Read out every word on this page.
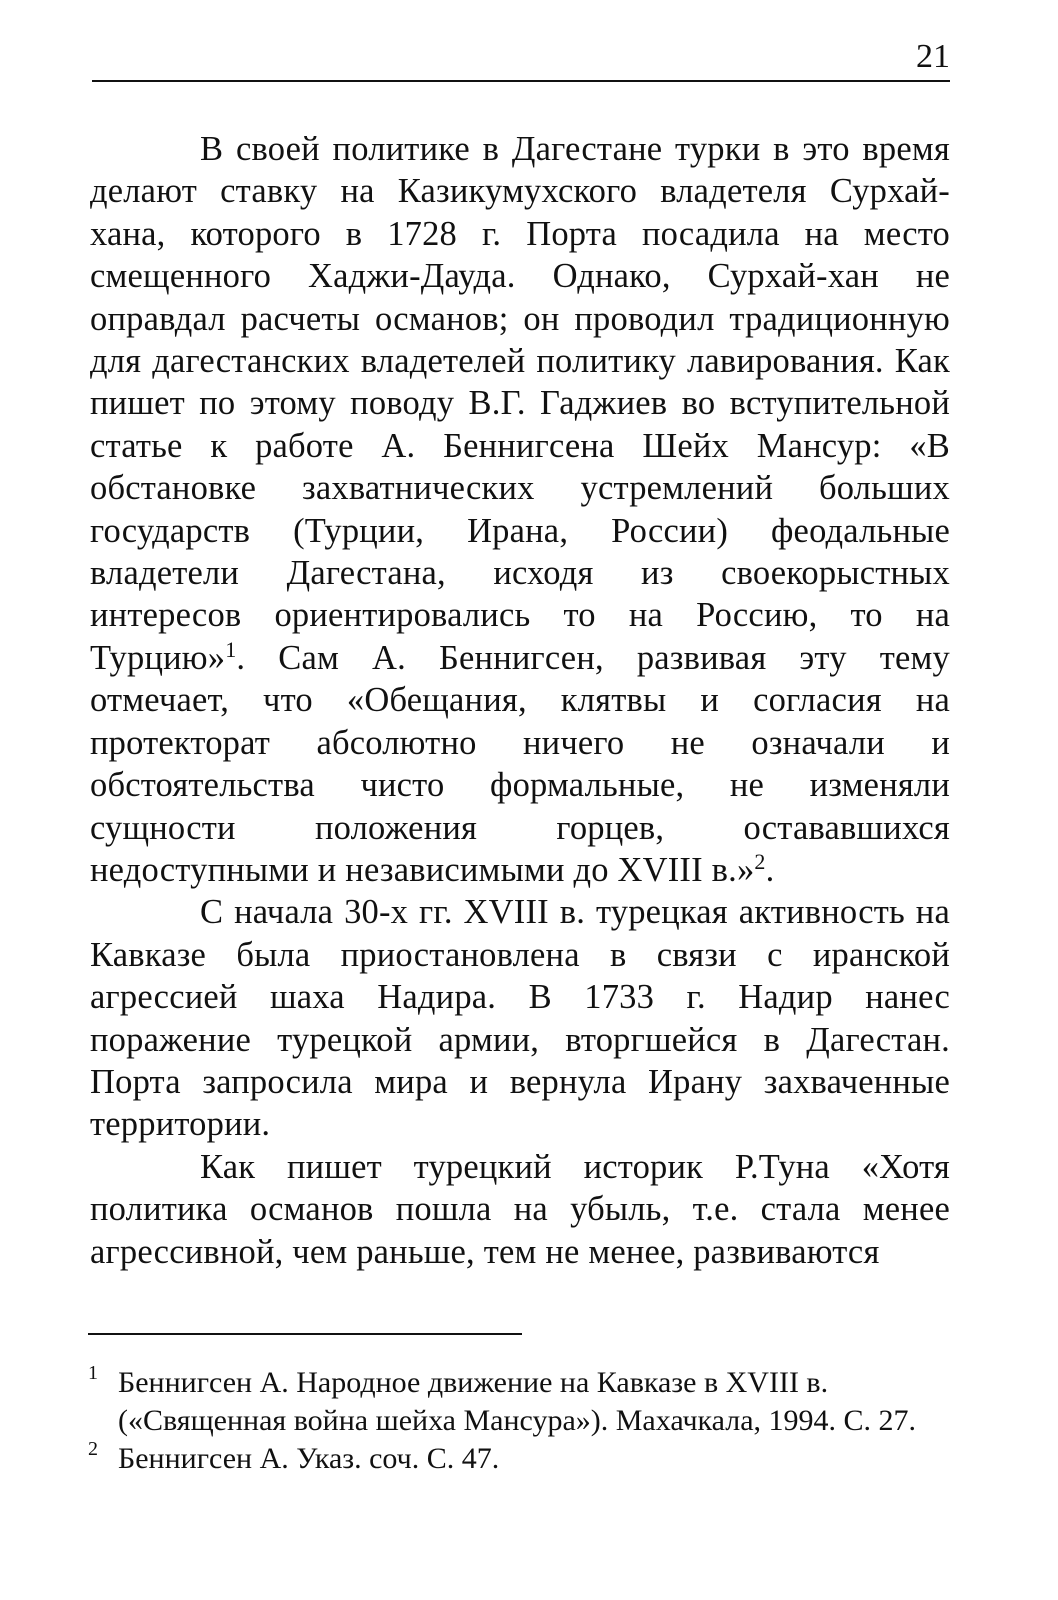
21

В своей политике в Дагестане турки в это время делают ставку на Казикумухского владетеля Сурхай-хана, которого в 1728 г. Порта посадила на место смещенного Хаджи-Дауда. Однако, Сурхай-хан не оправдал расчеты османов; он проводил традиционную для дагестанских владетелей политику лавирования. Как пишет по этому поводу В.Г. Гаджиев во вступительной статье к работе А. Беннигсена Шейх Мансур: «В обстановке захватнических устремлений больших государств (Турции, Ирана, России) феодальные владетели Дагестана, исходя из своекорыстных интересов ориентировались то на Россию, то на Турцию»$^1$. Сам А. Беннигсен, развивая эту тему отмечает, что «Обещания, клятвы и согласия на протекторат абсолютно ничего не означали и обстоятельства чисто формальные, не изменяли сущности положения горцев, остававшихся недоступными и независимыми до XVIII в.»$^2$.

С начала 30-х гг. XVIII в. турецкая активность на Кавказе была приостановлена в связи с иранской агрессией шаха Надира. В 1733 г. Надир нанес поражение турецкой армии, вторгшейся в Дагестан. Порта запросила мира и вернула Ирану захваченные территории.

Как пишет турецкий историк Р.Туна «Хотя политика османов пошла на убыль, т.е. стала менее агрессивной, чем раньше, тем не менее, развиваются

1 Беннигсен А. Народное движение на Кавказе в XVIII в. («Священная война шейха Мансура»). Махачкала, 1994. С. 27.

2 Беннигсен А. Указ. соч. С. 47.
